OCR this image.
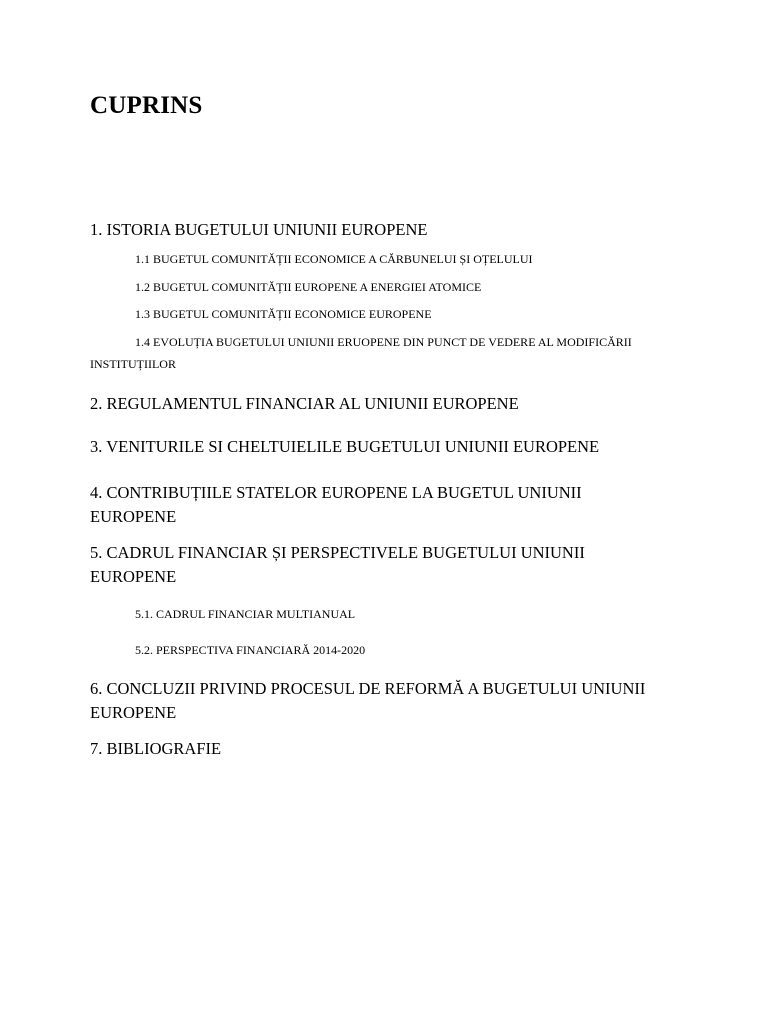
CUPRINS
1. ISTORIA BUGETULUI UNIUNII EUROPENE
1.1 BUGETUL COMUNITĂȚII ECONOMICE A CĂRBUNELUI ȘI OȚELULUI
1.2 BUGETUL COMUNITĂȚII EUROPENE A ENERGIEI ATOMICE
1.3 BUGETUL COMUNITĂȚII ECONOMICE EUROPENE
1.4 EVOLUȚIA BUGETULUI UNIUNII ERUOPENE DIN PUNCT DE VEDERE AL MODIFICĂRII INSTITUȚIILOR
2. REGULAMENTUL FINANCIAR AL UNIUNII EUROPENE
3. VENITURILE SI CHELTUIELILE BUGETULUI UNIUNII EUROPENE
4. CONTRIBUȚIILE STATELOR EUROPENE LA BUGETUL UNIUNII EUROPENE
5. CADRUL FINANCIAR ȘI PERSPECTIVELE BUGETULUI UNIUNII EUROPENE
5.1. CADRUL FINANCIAR MULTIANUAL
5.2. PERSPECTIVA FINANCIARĂ 2014-2020
6. CONCLUZII PRIVIND PROCESUL DE REFORMĂ A BUGETULUI UNIUNII EUROPENE
7. BIBLIOGRAFIE
